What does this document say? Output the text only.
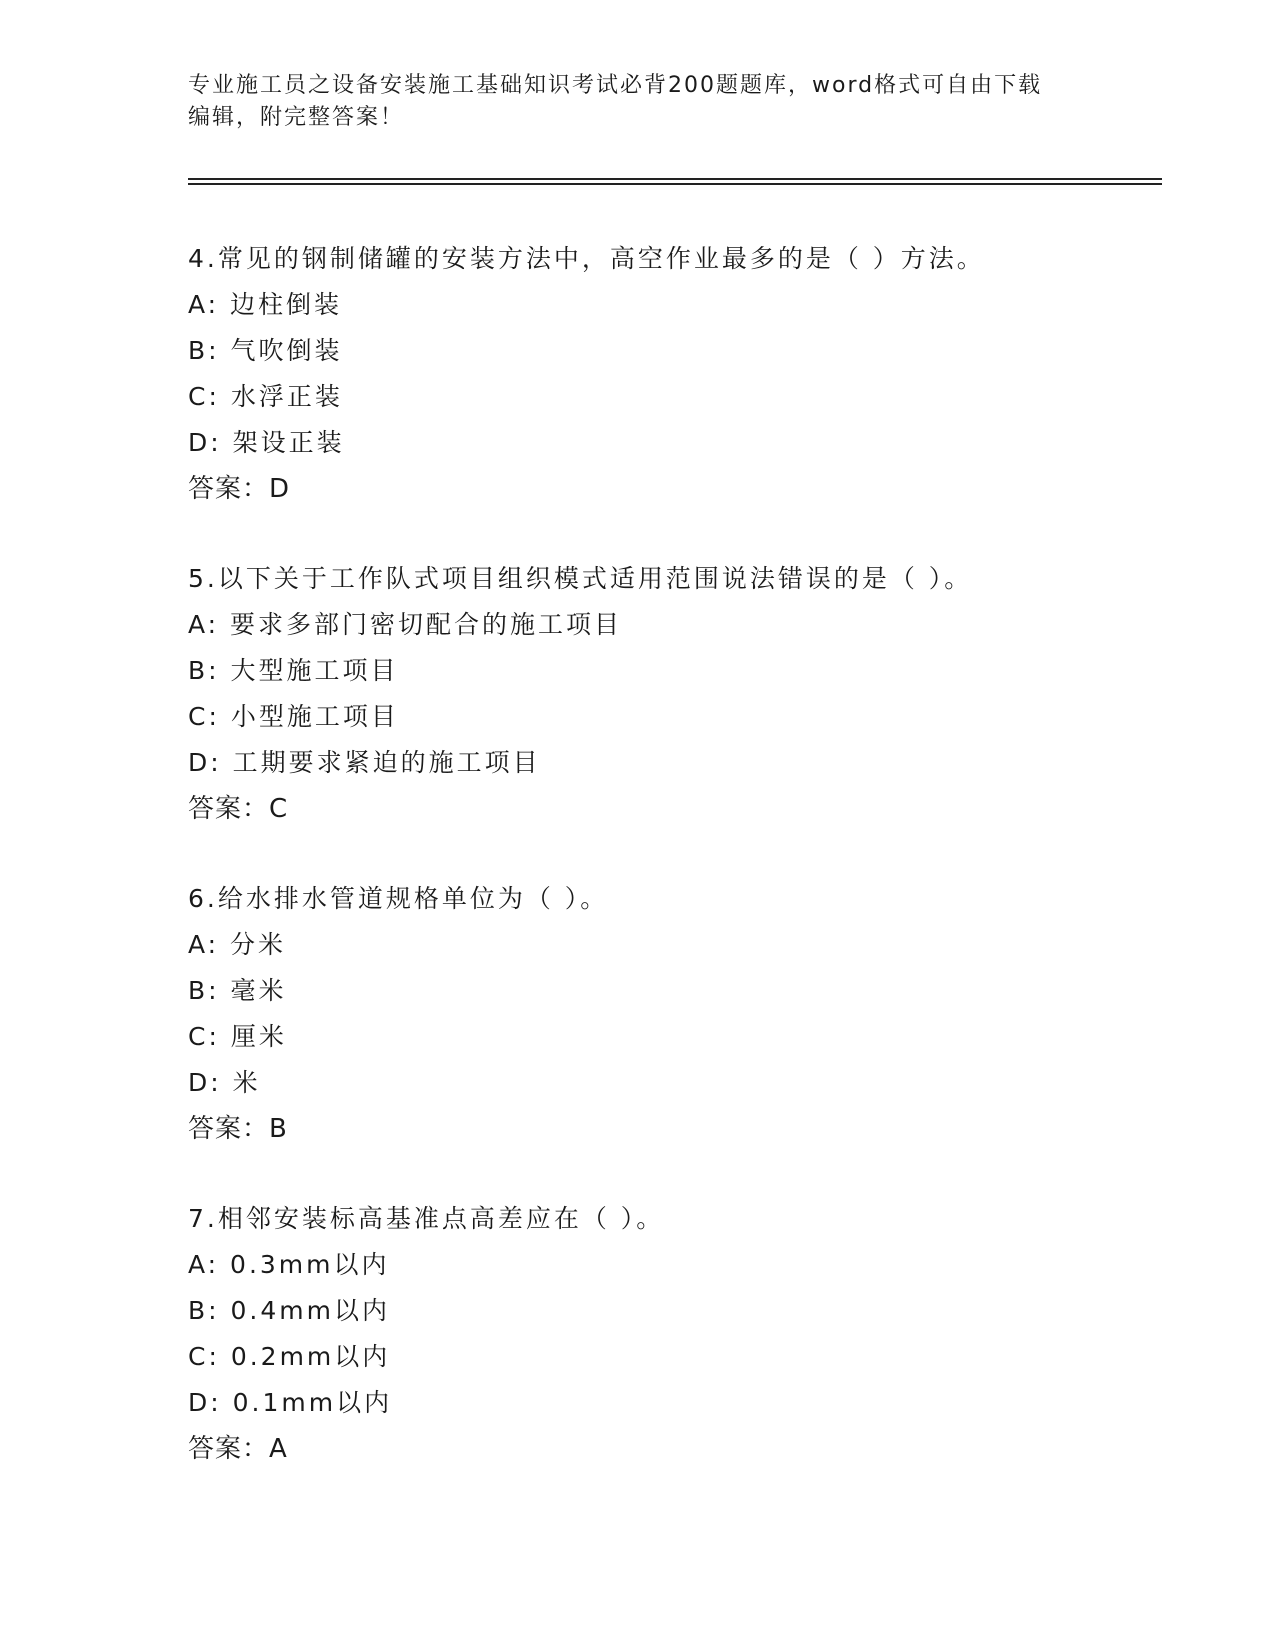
专业施工员之设备安装施工基础知识考试必背200题题库，word格式可自由下载
编辑，附完整答案！
4.常见的钢制储罐的安装方法中，高空作业最多的是（ ）方法。
A: 边柱倒装
B: 气吹倒装
C: 水浮正装
D: 架设正装
答案：D
5.以下关于工作队式项目组织模式适用范围说法错误的是（ ）。
A: 要求多部门密切配合的施工项目
B: 大型施工项目
C: 小型施工项目
D: 工期要求紧迫的施工项目
答案：C
6.给水排水管道规格单位为（ ）。
A: 分米
B: 毫米
C: 厘米
D: 米
答案：B
7.相邻安装标高基准点高差应在（ ）。
A: 0.3mm以内
B: 0.4mm以内
C: 0.2mm以内
D: 0.1mm以内
答案：A
